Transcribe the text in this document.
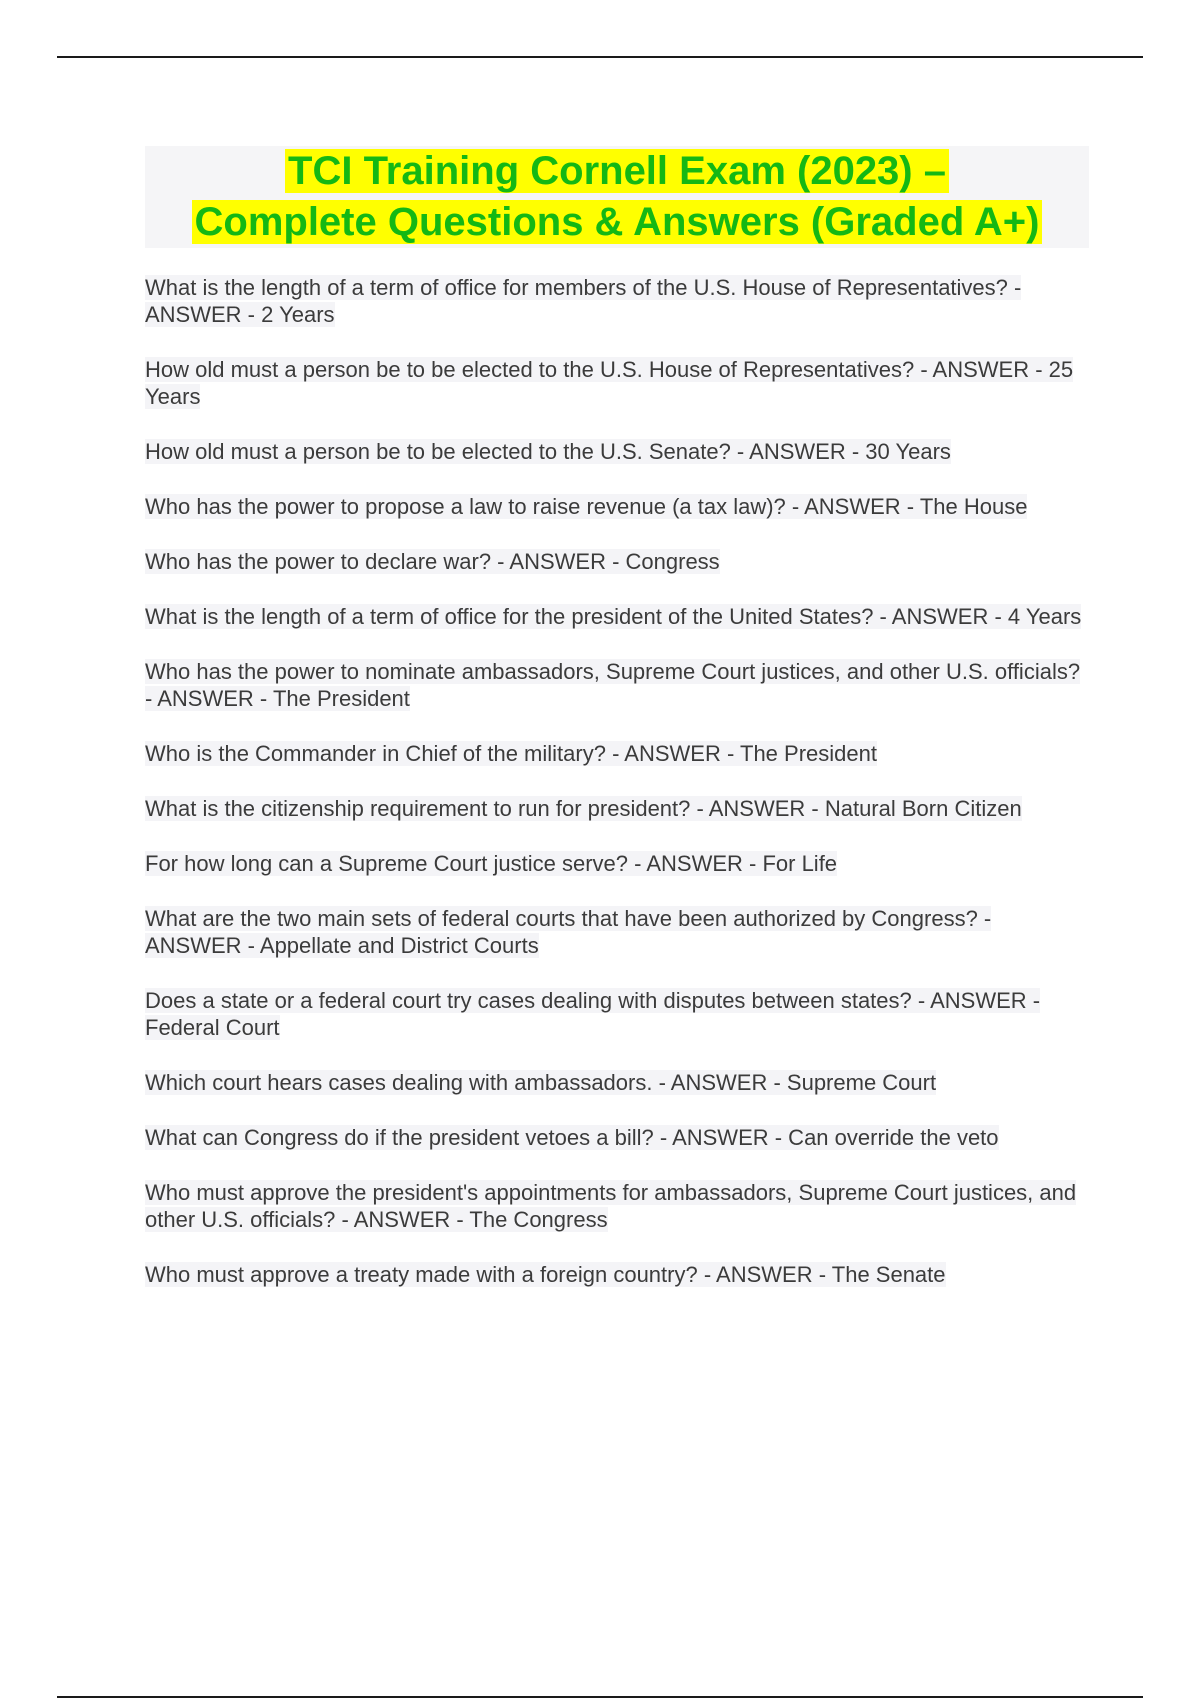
TCI Training Cornell Exam (2023) –
Complete Questions & Answers (Graded A+)
What is the length of a term of office for members of the U.S. House of Representatives? - ANSWER - 2 Years
How old must a person be to be elected to the U.S. House of Representatives? - ANSWER - 25 Years
How old must a person be to be elected to the U.S. Senate? - ANSWER - 30 Years
Who has the power to propose a law to raise revenue (a tax law)? - ANSWER - The House
Who has the power to declare war? - ANSWER - Congress
What is the length of a term of office for the president of the United States? - ANSWER - 4 Years
Who has the power to nominate ambassadors, Supreme Court justices, and other U.S. officials? - ANSWER - The President
Who is the Commander in Chief of the military? - ANSWER - The President
What is the citizenship requirement to run for president? - ANSWER - Natural Born Citizen
For how long can a Supreme Court justice serve? - ANSWER - For Life
What are the two main sets of federal courts that have been authorized by Congress? - ANSWER - Appellate and District Courts
Does a state or a federal court try cases dealing with disputes between states? - ANSWER - Federal Court
Which court hears cases dealing with ambassadors. - ANSWER - Supreme Court
What can Congress do if the president vetoes a bill? - ANSWER - Can override the veto
Who must approve the president's appointments for ambassadors, Supreme Court justices, and other U.S. officials? - ANSWER - The Congress
Who must approve a treaty made with a foreign country? - ANSWER - The Senate
